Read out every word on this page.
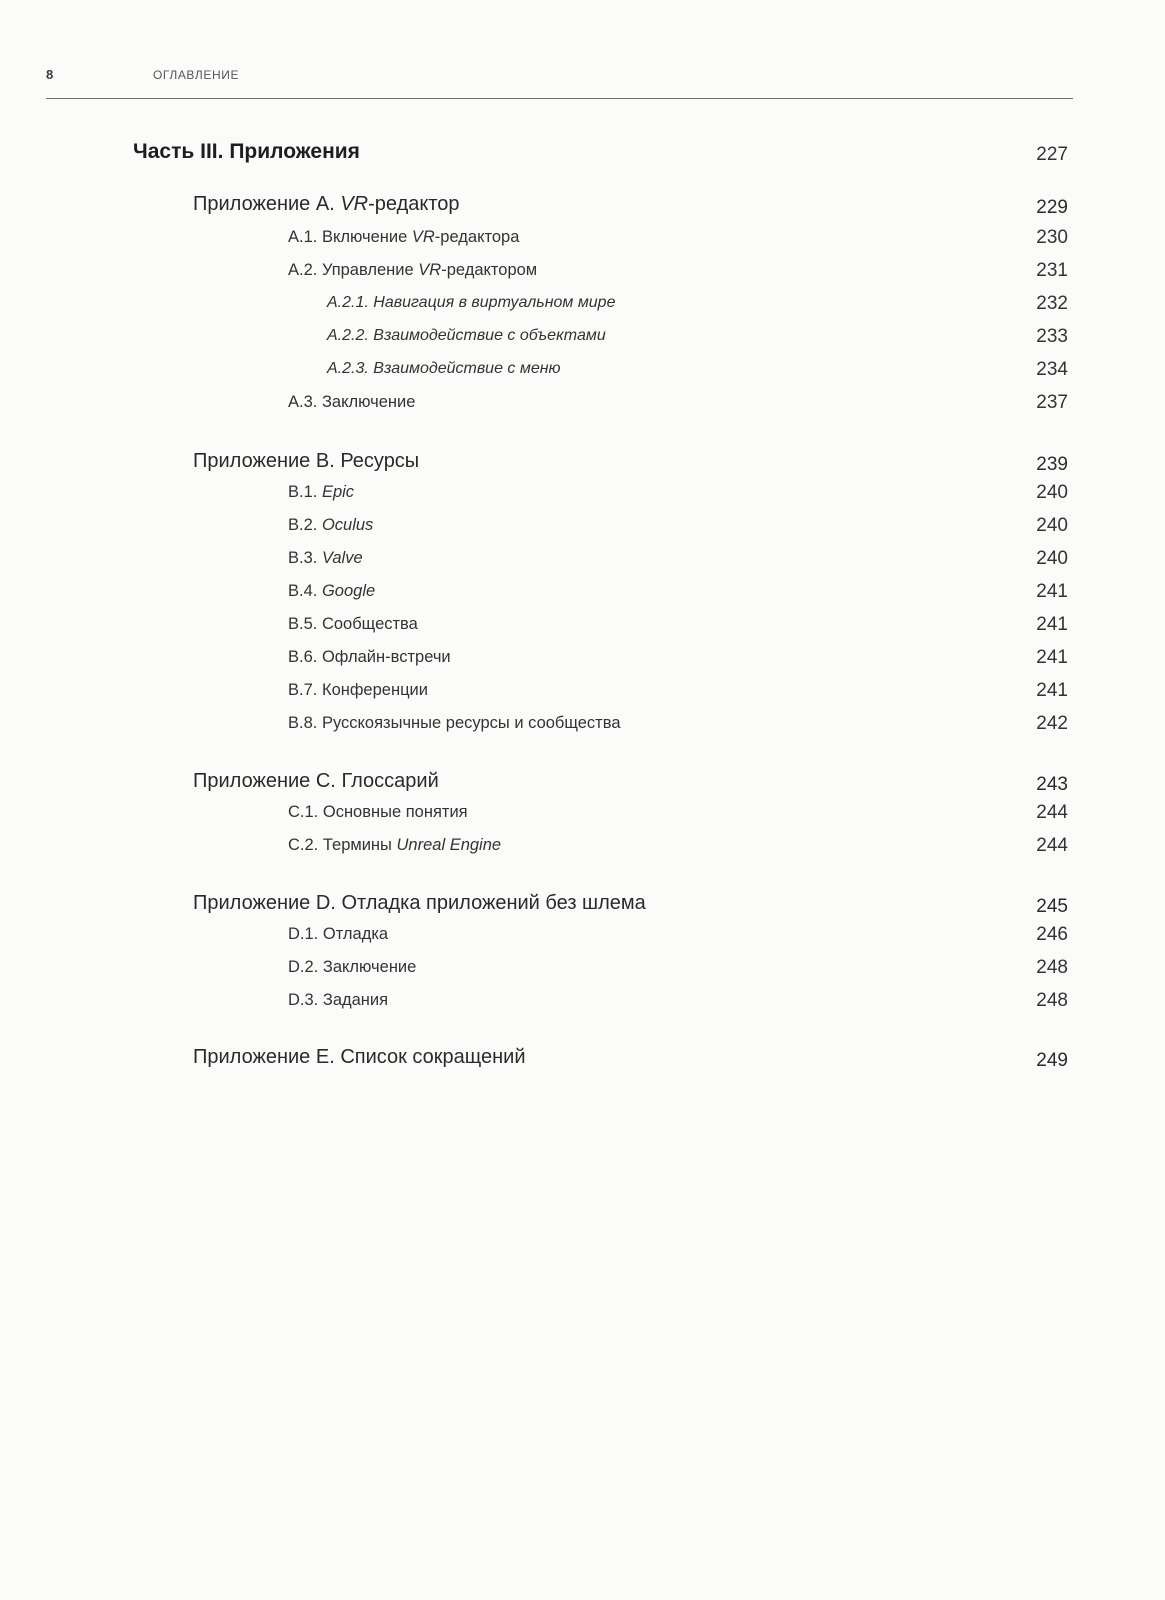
8	ОГЛАВЛЕНИЕ
Часть III. Приложения	227
Приложение A. VR-редактор	229
A.1. Включение VR-редактора	230
A.2. Управление VR-редактором	231
A.2.1. Навигация в виртуальном мире	232
A.2.2. Взаимодействие с объектами	233
A.2.3. Взаимодействие с меню	234
A.3. Заключение	237
Приложение B. Ресурсы	239
B.1. Epic	240
B.2. Oculus	240
B.3. Valve	240
B.4. Google	241
B.5. Сообщества	241
B.6. Офлайн-встречи	241
B.7. Конференции	241
B.8. Русскоязычные ресурсы и сообщества	242
Приложение C. Глоссарий	243
C.1. Основные понятия	244
C.2. Термины Unreal Engine	244
Приложение D. Отладка приложений без шлема	245
D.1. Отладка	246
D.2. Заключение	248
D.3. Задания	248
Приложение E. Список сокращений	249
